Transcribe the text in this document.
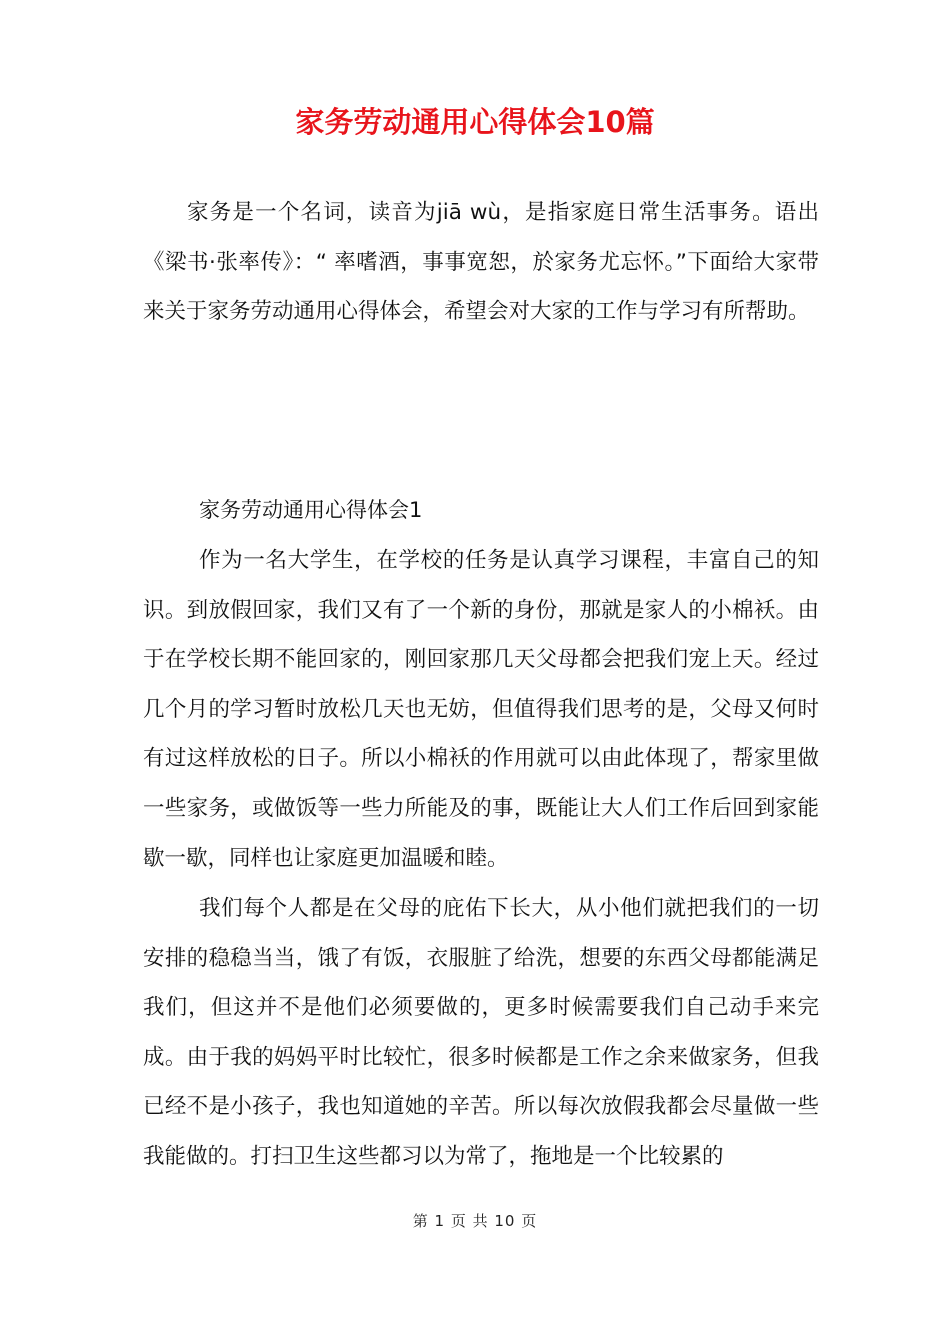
家务劳动通用心得体会10篇

家务是一个名词，读音为jiā wù，是指家庭日常生活事务。语出《梁书·张率传》：“ 率嗜酒，事事宽恕，於家务尤忘怀。”下面给大家带来关于家务劳动通用心得体会，希望会对大家的工作与学习有所帮助。

家务劳动通用心得体会1

作为一名大学生，在学校的任务是认真学习课程，丰富自己的知识。到放假回家，我们又有了一个新的身份，那就是家人的小棉袄。由于在学校长期不能回家的，刚回家那几天父母都会把我们宠上天。经过几个月的学习暂时放松几天也无妨，但值得我们思考的是，父母又何时有过这样放松的日子。所以小棉袄的作用就可以由此体现了，帮家里做一些家务，或做饭等一些力所能及的事，既能让大人们工作后回到家能歇一歇，同样也让家庭更加温暖和睦。

我们每个人都是在父母的庇佑下长大，从小他们就把我们的一切安排的稳稳当当，饿了有饭，衣服脏了给洗，想要的东西父母都能满足我们，但这并不是他们必须要做的，更多时候需要我们自己动手来完成。由于我的妈妈平时比较忙，很多时候都是工作之余来做家务，但我已经不是小孩子，我也知道她的辛苦。所以每次放假我都会尽量做一些我能做的。打扫卫生这些都习以为常了，拖地是一个比较累的

第 1 页 共 10 页
